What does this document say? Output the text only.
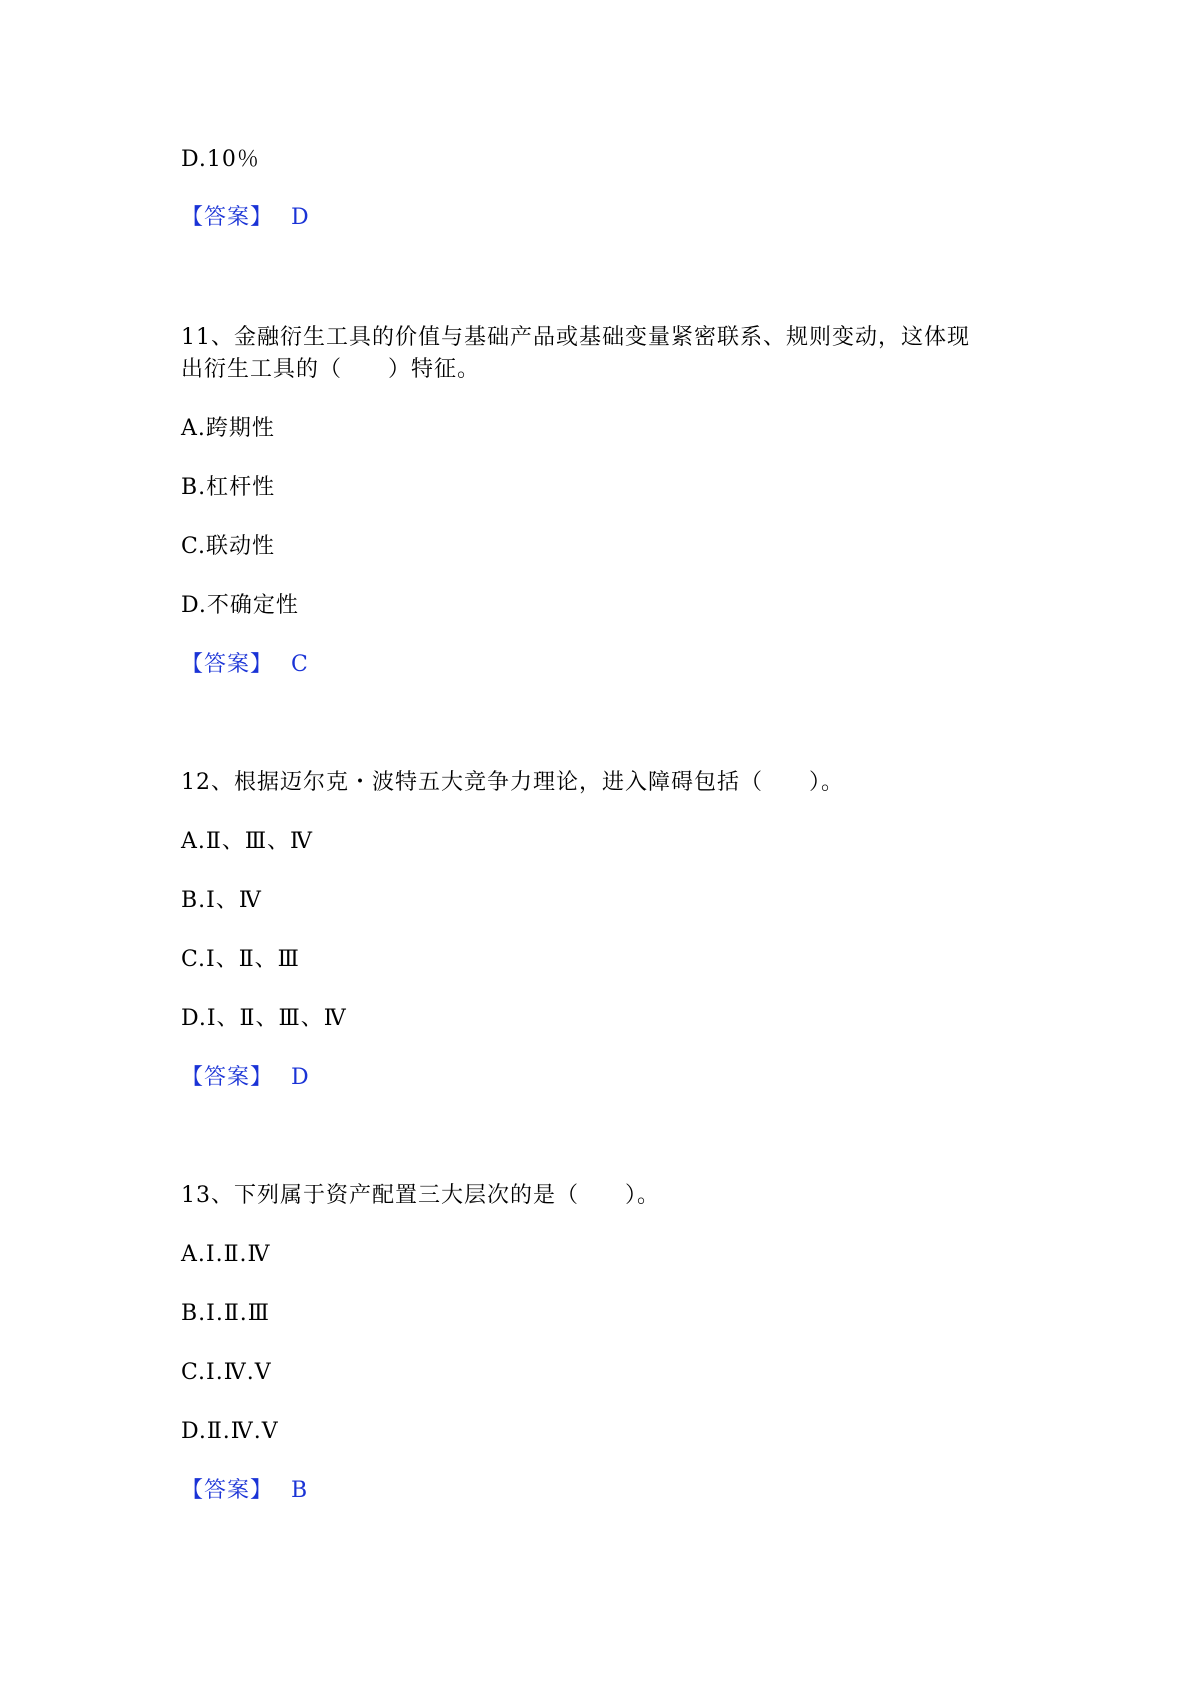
D.10％
【答案】 D
11、金融衍生工具的价值与基础产品或基础变量紧密联系、规则变动，这体现
出衍生工具的（　　）特征。
A.跨期性
B.杠杆性
C.联动性
D.不确定性
【答案】 C
12、根据迈尔克・波特五大竞争力理论，进入障碍包括（　　）。
A.Ⅱ、Ⅲ、Ⅳ
B.Ⅰ、Ⅳ
C.Ⅰ、Ⅱ、Ⅲ
D.Ⅰ、Ⅱ、Ⅲ、Ⅳ
【答案】 D
13、下列属于资产配置三大层次的是（　　）。
A.Ⅰ.Ⅱ.Ⅳ
B.Ⅰ.Ⅱ.Ⅲ
C.Ⅰ.Ⅳ.Ⅴ
D.Ⅱ.Ⅳ.Ⅴ
【答案】 B
